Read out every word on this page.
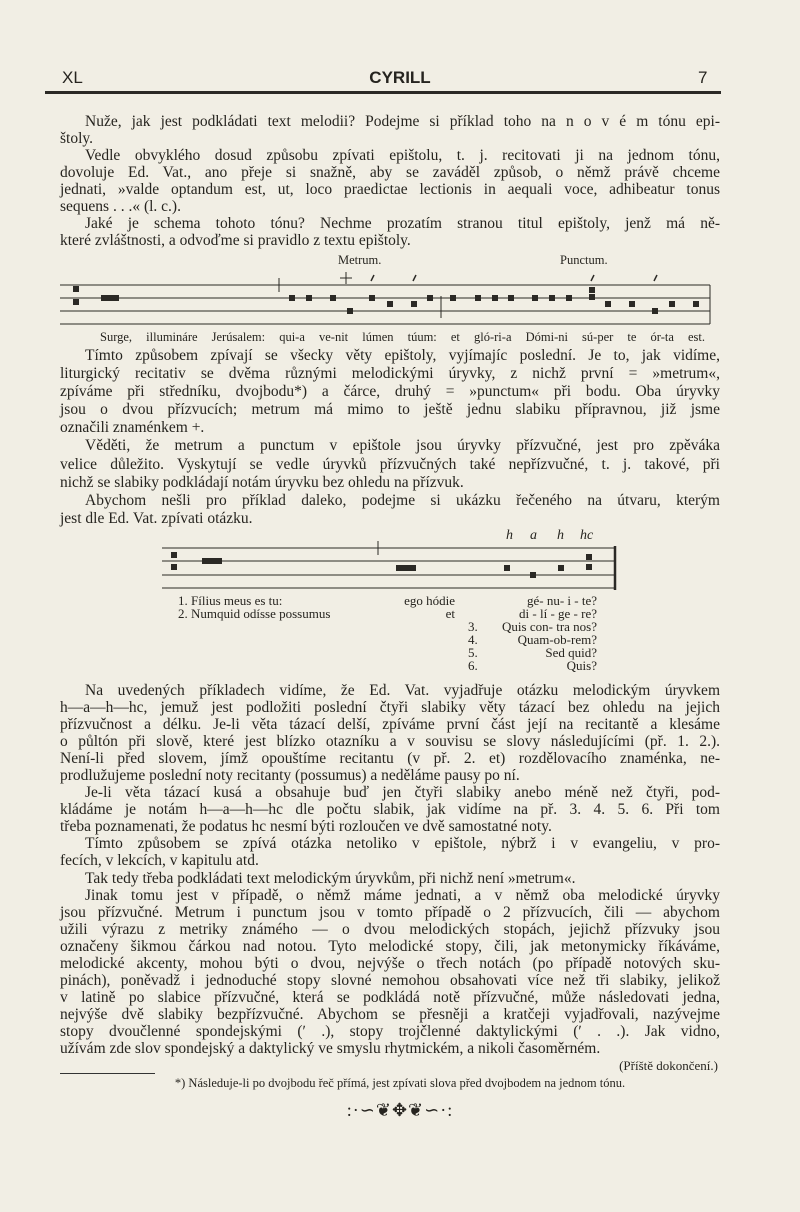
XL	CYRILL	7
Nuže, jak jest podkládati text melodii? Podejme si příklad toho na n o v é m tónu epi-
štoly.
Vedle obvyklého dosud způsobu zpívati epištolu, t. j. recitovati ji na jednom tónu,
dovoluje Ed. Vat., ano přeje si snažně, aby se zaváděl způsob, o němž právě chceme
jednati, »valde optandum est, ut, loco praedictae lectionis in aequali voce, adhibeatur tonus
sequens . . .« (l. c.).
Jaké je schema tohoto tónu? Nechme prozatím stranou titul epištoly, jenž má ně-
které zvláštnosti, a odvoďme si pravidlo z textu epištoly.
Metrum.	Punctum.
Surge, illumináre Jerúsalem: qui-a ve-nit lúmen túum: et gló-ri-a Dómi-ni sú-per te ór-ta est.
Tímto způsobem zpívají se všecky věty epištoly, vyjímajíc poslední. Je to, jak vidíme,
liturgický recitativ se dvěma různými melodickými úryvky, z nichž první = »metrum«,
zpíváme při středníku, dvojbodu*) a čárce, druhý = »punctum« při bodu. Oba úryvky
jsou o dvou přízvucích; metrum má mimo to ještě jednu slabiku přípravnou, již jsme
označili znaménkem +.
Věděti, že metrum a punctum v epištole jsou úryvky přízvučné, jest pro zpěváka
velice důležito. Vyskytují se vedle úryvků přízvučných také nepřízvučné, t. j. takové, při
nichž se slabiky podkládají notám úryvku bez ohledu na přízvuk.
Abychom nešli pro příklad daleko, podejme si ukázku řečeného na útvaru, kterým
jest dle Ed. Vat. zpívati otázku.
h a h hc
1. Fílius meus es tu:	ego hódie	gé- nu- i - te?
2. Numquid odísse possumus	et	di - lí - ge - re?
3. Quis con- tra nos?
4.	Quam-ob-rem?
5.	Sed quid?
6.	Quis?
Na uvedených příkladech vidíme, že Ed. Vat. vyjadřuje otázku melodickým úryvkem
h—a—h—hc, jemuž jest podložiti poslední čtyři slabiky věty tázací bez ohledu na jejich
přízvučnost a délku. Je-li věta tázací delší, zpíváme první část její na recitantě a klesáme
o půltón při slově, které jest blízko otazníku a v souvisu se slovy následujícími (př. 1. 2.).
Není-li před slovem, jímž opouštíme recitantu (v př. 2. et) rozdělovacího znaménka, ne-
prodlužujeme poslední noty recitanty (possumus) a neděláme pausy po ní.
Je-li věta tázací kusá a obsahuje buď jen čtyři slabiky anebo méně než čtyři, pod-
kládáme je notám h—a—h—hc dle počtu slabik, jak vidíme na př. 3. 4. 5. 6. Při tom
třeba poznamenati, že podatus hc nesmí býti rozloučen ve dvě samostatné noty.
Tímto způsobem se zpívá otázka netoliko v epištole, nýbrž i v evangeliu, v pro-
fecích, v lekcích, v kapitulu atd.
Tak tedy třeba podkládati text melodickým úryvkům, při nichž není »metrum«.
Jinak tomu jest v případě, o němž máme jednati, a v němž oba melodické úryvky
jsou přízvučné. Metrum i punctum jsou v tomto případě o 2 přízvucích, čili — abychom
užili výrazu z metriky známého — o dvou melodických stopách, jejichž přízvuky jsou
označeny šikmou čárkou nad notou. Tyto melodické stopy, čili, jak metonymicky říkáváme,
melodické akcenty, mohou býti o dvou, nejvýše o třech notách (po případě notových sku-
pinách), poněvadž i jednoduché stopy slovné nemohou obsahovati více než tři slabiky, jelikož
v latině po slabice přízvučné, která se podkládá notě přízvučné, může následovati jedna,
nejvýše dvě slabiky bezpřízvučné. Abychom se přesněji a kratčeji vyjadřovali, nazývejme
stopy dvoučlenné spondejskými (ʹ .), stopy trojčlenné daktylickými (ʹ . .). Jak vidno,
užívám zde slov spondejský a daktylický ve smyslu rhytmickém, a nikoli časoměrném.
(Příště dokončení.)
*) Následuje-li po dvojbodu řeč přímá, jest zpívati slova před dvojbodem na jednom tónu.
:·∽❦✥❦∽·:
